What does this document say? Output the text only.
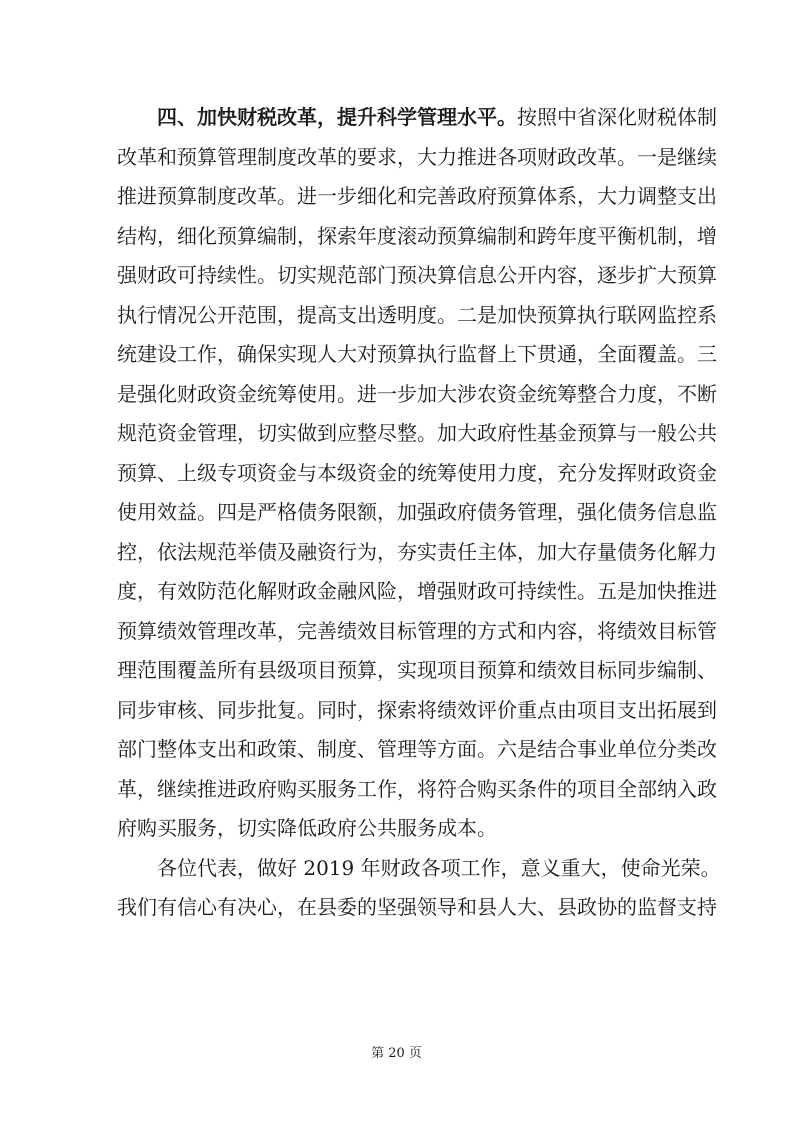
四、加快财税改革，提升科学管理水平。按照中省深化财税体制
改革和预算管理制度改革的要求，大力推进各项财政改革。一是继续
推进预算制度改革。进一步细化和完善政府预算体系，大力调整支出
结构，细化预算编制，探索年度滚动预算编制和跨年度平衡机制，增
强财政可持续性。切实规范部门预决算信息公开内容，逐步扩大预算
执行情况公开范围，提高支出透明度。二是加快预算执行联网监控系
统建设工作，确保实现人大对预算执行监督上下贯通，全面覆盖。三
是强化财政资金统筹使用。进一步加大涉农资金统筹整合力度，不断
规范资金管理，切实做到应整尽整。加大政府性基金预算与一般公共
预算、上级专项资金与本级资金的统筹使用力度，充分发挥财政资金
使用效益。四是严格债务限额，加强政府债务管理，强化债务信息监
控，依法规范举债及融资行为，夯实责任主体，加大存量债务化解力
度，有效防范化解财政金融风险，增强财政可持续性。五是加快推进
预算绩效管理改革，完善绩效目标管理的方式和内容，将绩效目标管
理范围覆盖所有县级项目预算，实现项目预算和绩效目标同步编制、
同步审核、同步批复。同时，探索将绩效评价重点由项目支出拓展到
部门整体支出和政策、制度、管理等方面。六是结合事业单位分类改
革，继续推进政府购买服务工作，将符合购买条件的项目全部纳入政
府购买服务，切实降低政府公共服务成本。
各位代表，做好 2019 年财政各项工作，意义重大，使命光荣。
我们有信心有决心，在县委的坚强领导和县人大、县政协的监督支持
第 20 页
